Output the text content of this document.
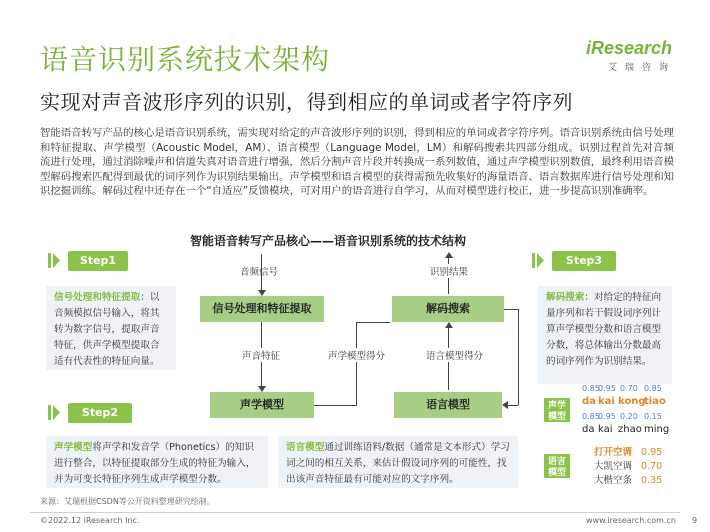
语音识别系统技术架构
实现对声音波形序列的识别，得到相应的单词或者字符序列
iResearch
艾瑞咨询
智能语音转写产品的核心是语音识别系统，需实现对给定的声音波形序列的识别，得到相应的单词或者字符序列。语音识别系统由信号处理和特征提取、声学模型（Acoustic Model，AM）、语言模型（Language Model，LM）和解码搜索共四部分组成。识别过程首先对音频流进行处理，通过消除噪声和信道失真对语音进行增强，然后分割声音片段并转换成一系列数值，通过声学模型识别数值，最终利用语音模型解码搜索匹配得到最优的词序列作为识别结果输出。声学模型和语言模型的获得需预先收集好的海量语音、语言数据库进行信号处理和知识挖掘训练。解码过程中还存在一个“自适应”反馈模块，可对用户的语音进行自学习，从而对模型进行校正，进一步提高识别准确率。
智能语音转写产品核心——语音识别系统的技术结构
Step1
信号处理和特征提取：以音频模拟信号输入，将其转为数字信号，提取声音特征，供声学模型提取合适有代表性的特征向量。
Step2
声学模型将声学和发音学（Phonetics）的知识进行整合，以特征提取部分生成的特征为输入，并为可变长特征序列生成声学模型分数。
语言模型通过训练语料/数据（通常是文本形式）学习词之间的相互关系，来估计假设词序列的可能性，找出该声音特征最有可能对应的文字序列。
Step3
解码搜索：对给定的特征向量序列和若干假设词序列计算声学模型分数和语言模型分数，将总体输出分数最高的词序列作为识别结果。
音频信号
信号处理和特征提取
声音特征
声学模型
声学模型得分
解码搜索
识别结果
语言模型
语言模型得分
声学模型
0.85
0.95 0.70 0.85
da kai kong
tiao
0.85
0.95 0.20 0.15
da kai zhao ming
语言模型
打开空调 0.95
大凯空调 0.70
大楷空条 0.35
来源：艾瑞根据CSDN等公开资料整理研究绘制。
©2022.12 iResearch Inc.	www.iresearch.com.cn 9
